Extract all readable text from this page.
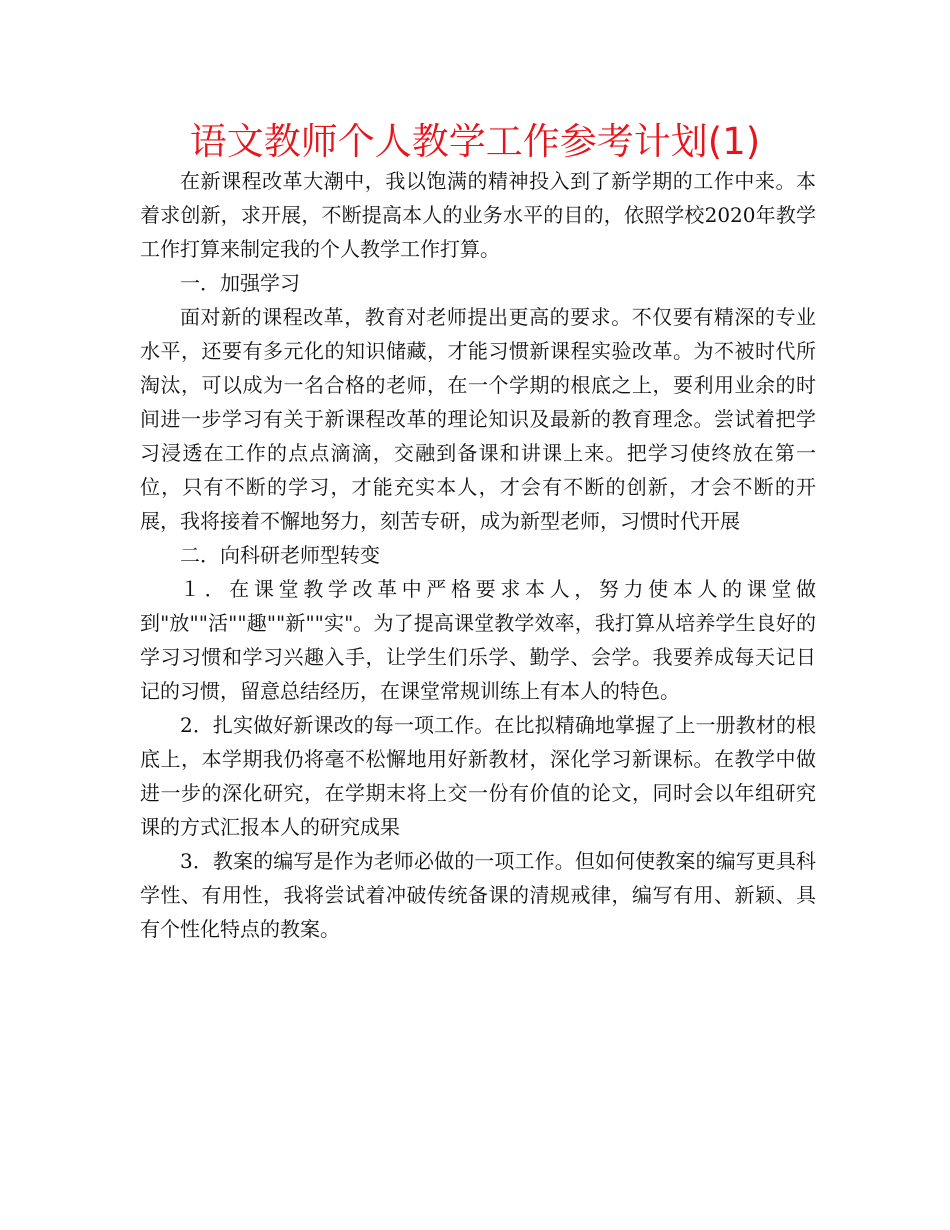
语文教师个人教学工作参考计划(1)

在新课程改革大潮中，我以饱满的精神投入到了新学期的工作中来。本着求创新，求开展，不断提高本人的业务水平的目的，依照学校2020年教学工作打算来制定我的个人教学工作打算。

一．加强学习

面对新的课程改革，教育对老师提出更高的要求。不仅要有精深的专业水平，还要有多元化的知识储藏，才能习惯新课程实验改革。为不被时代所淘汰，可以成为一名合格的老师，在一个学期的根底之上，要利用业余的时间进一步学习有关于新课程改革的理论知识及最新的教育理念。尝试着把学习浸透在工作的点点滴滴，交融到备课和讲课上来。把学习使终放在第一位，只有不断的学习，才能充实本人，才会有不断的创新，才会不断的开展，我将接着不懈地努力，刻苦专研，成为新型老师，习惯时代开展

二．向科研老师型转变

１．在课堂教学改革中严格要求本人，努力使本人的课堂做到"放""活""趣""新""实"。为了提高课堂教学效率，我打算从培养学生良好的学习习惯和学习兴趣入手，让学生们乐学、勤学、会学。我要养成每天记日记的习惯，留意总结经历，在课堂常规训练上有本人的特色。

2．扎实做好新课改的每一项工作。在比拟精确地掌握了上一册教材的根底上，本学期我仍将毫不松懈地用好新教材，深化学习新课标。在教学中做进一步的深化研究，在学期末将上交一份有价值的论文，同时会以年组研究课的方式汇报本人的研究成果

3．教案的编写是作为老师必做的一项工作。但如何使教案的编写更具科学性、有用性，我将尝试着冲破传统备课的清规戒律，编写有用、新颖、具有个性化特点的教案。
